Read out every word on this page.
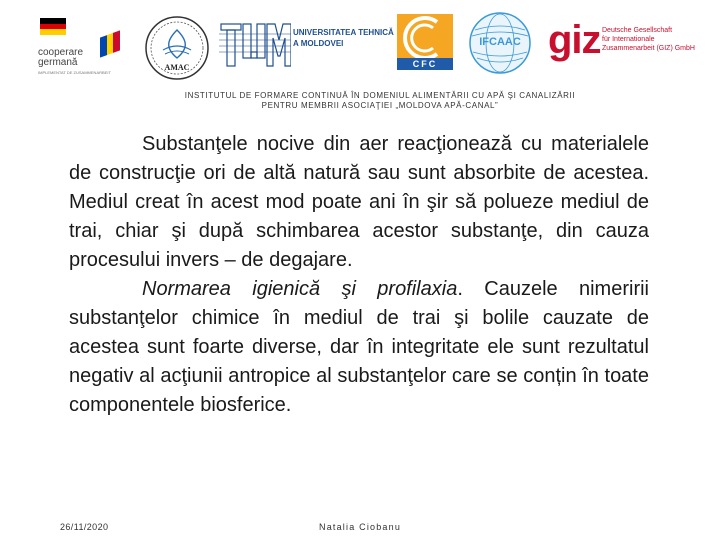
cooperare
germană
IMPLEMENTAT DE ZUSAMMENARBEIT
AMAC
UNIVERSITATEA TEHNICĂ
A MOLDOVEI
CFC
IFCAAC giz Deutsche Gesellschaft
für Internationale
Zusammenarbeit (GIZ) GmbH
INSTITUTUL DE FORMARE CONTINUĂ ÎN DOMENIUL ALIMENTĂRII CU APĂ ŞI CANALIZĂRII
PENTRU MEMBRII ASOCIAŢIEI „MOLDOVA APĂ-CANAL”

Substanţele nocive din aer reacţionează cu materialele de construcţie ori de altă natură sau sunt absorbite de acestea. Mediul creat în acest mod poate ani în şir să polueze mediul de trai, chiar şi după schimbarea acestor substanţe, din cauza procesului invers – de degajare.

Normarea igienică şi profilaxia. Cauzele nimeririi substanţelor chimice în mediul de trai şi bolile cauzate de acestea sunt foarte diverse, dar în integritate ele sunt rezultatul negativ al acţiunii antropice al substanţelor care se conțin în toate componentele biosferice.

26/11/2020	Natalia Ciobanu
